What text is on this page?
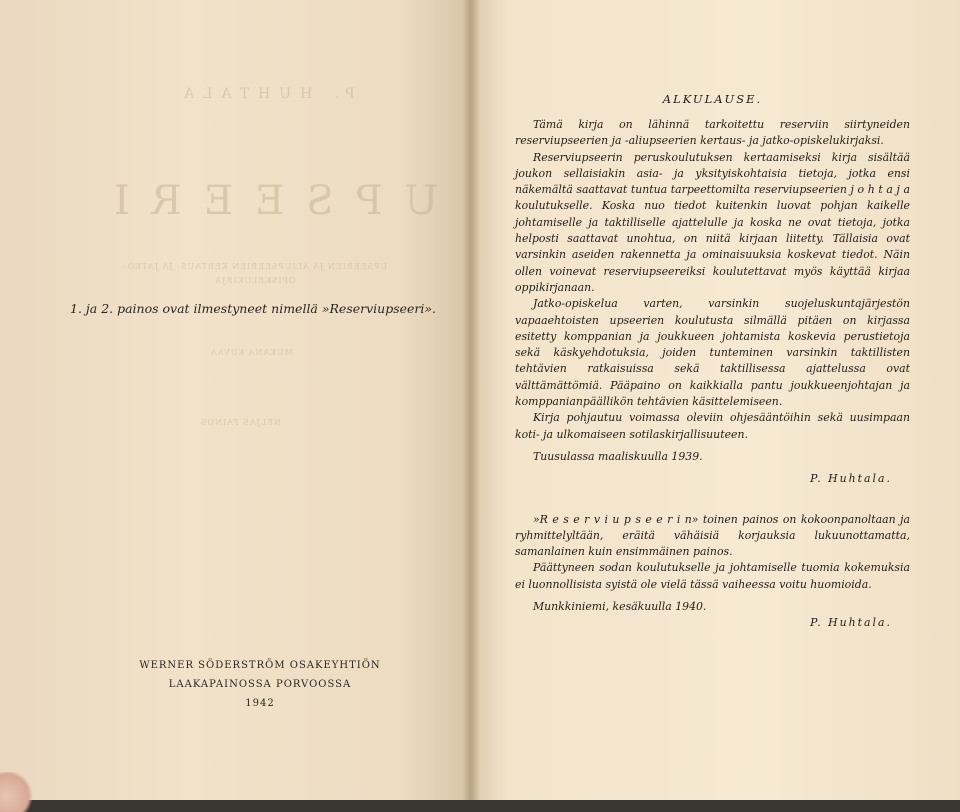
P. HUHTALA
UPSEERI
UPSEERIEN JA ALIUPSEERIEN KERTAUS- JA JATKO-OPISKELUKIRJA
MUKANA KUVAA
NELJÄS PAINOS
1. ja 2. painos ovat ilmestyneet nimellä »Reserviupseeri».
WERNER SÖDERSTRÖM OSAKEYHTIÖN
LAAKAPAINOSSA PORVOOSSA
1942
ALKULAUSE.

Tämä kirja on lähinnä tarkoitettu reserviin siirtyneiden reserviupseerien ja -aliupseerien kertaus- ja jatko-opiskelukirjaksi.

Reserviupseerin peruskoulutuksen kertaamiseksi kirja sisältää joukon sellaisiakin asia- ja yksityiskohtaisia tietoja, jotka ensi näkemältä saattavat tuntua tarpeettomilta reserviupseerien j o h t a j a koulutukselle. Koska nuo tiedot kuitenkin luovat pohjan kaikelle johtamiselle ja taktilliselle ajattelulle ja koska ne ovat tietoja, jotka helposti saattavat unohtua, on niitä kirjaan liitetty. Tällaisia ovat varsinkin aseiden rakennetta ja ominaisuuksia koskevat tiedot. Näin ollen voinevat reserviupseereiksi koulutettavat myös käyttää kirjaa oppikirjanaan.

Jatko-opiskelua varten, varsinkin suojeluskuntajärjestön vapaaehtoisten upseerien koulutusta silmällä pitäen on kirjassa esitetty komppanian ja joukkueen johtamista koskevia perustietoja sekä käskyehdotuksia, joiden tunteminen varsinkin taktillisten tehtävien ratkaisuissa sekä taktillisessa ajattelussa ovat välttämättömiä. Pääpaino on kaikkialla pantu joukkueenjohtajan ja komppanianpäällikön tehtävien käsittelemiseen.

Kirja pohjautuu voimassa oleviin ohjesääntöihin sekä uusimpaan koti- ja ulkomaiseen sotilaskirjallisuuteen.

Tuusulassa maaliskuulla 1939.
P. Huhtala.

»R e s e r v i u p s e e r i n» toinen painos on kokoonpanoltaan ja ryhmittelyltään, eräitä vähäisiä korjauksia lukuunottamatta, samanlainen kuin ensimmäinen painos.

Päättyneen sodan koulutukselle ja johtamiselle tuomia kokemuksia ei luonnollisista syistä ole vielä tässä vaiheessa voitu huomioida.

Munkkiniemi, kesäkuulla 1940.
P. Huhtala.
